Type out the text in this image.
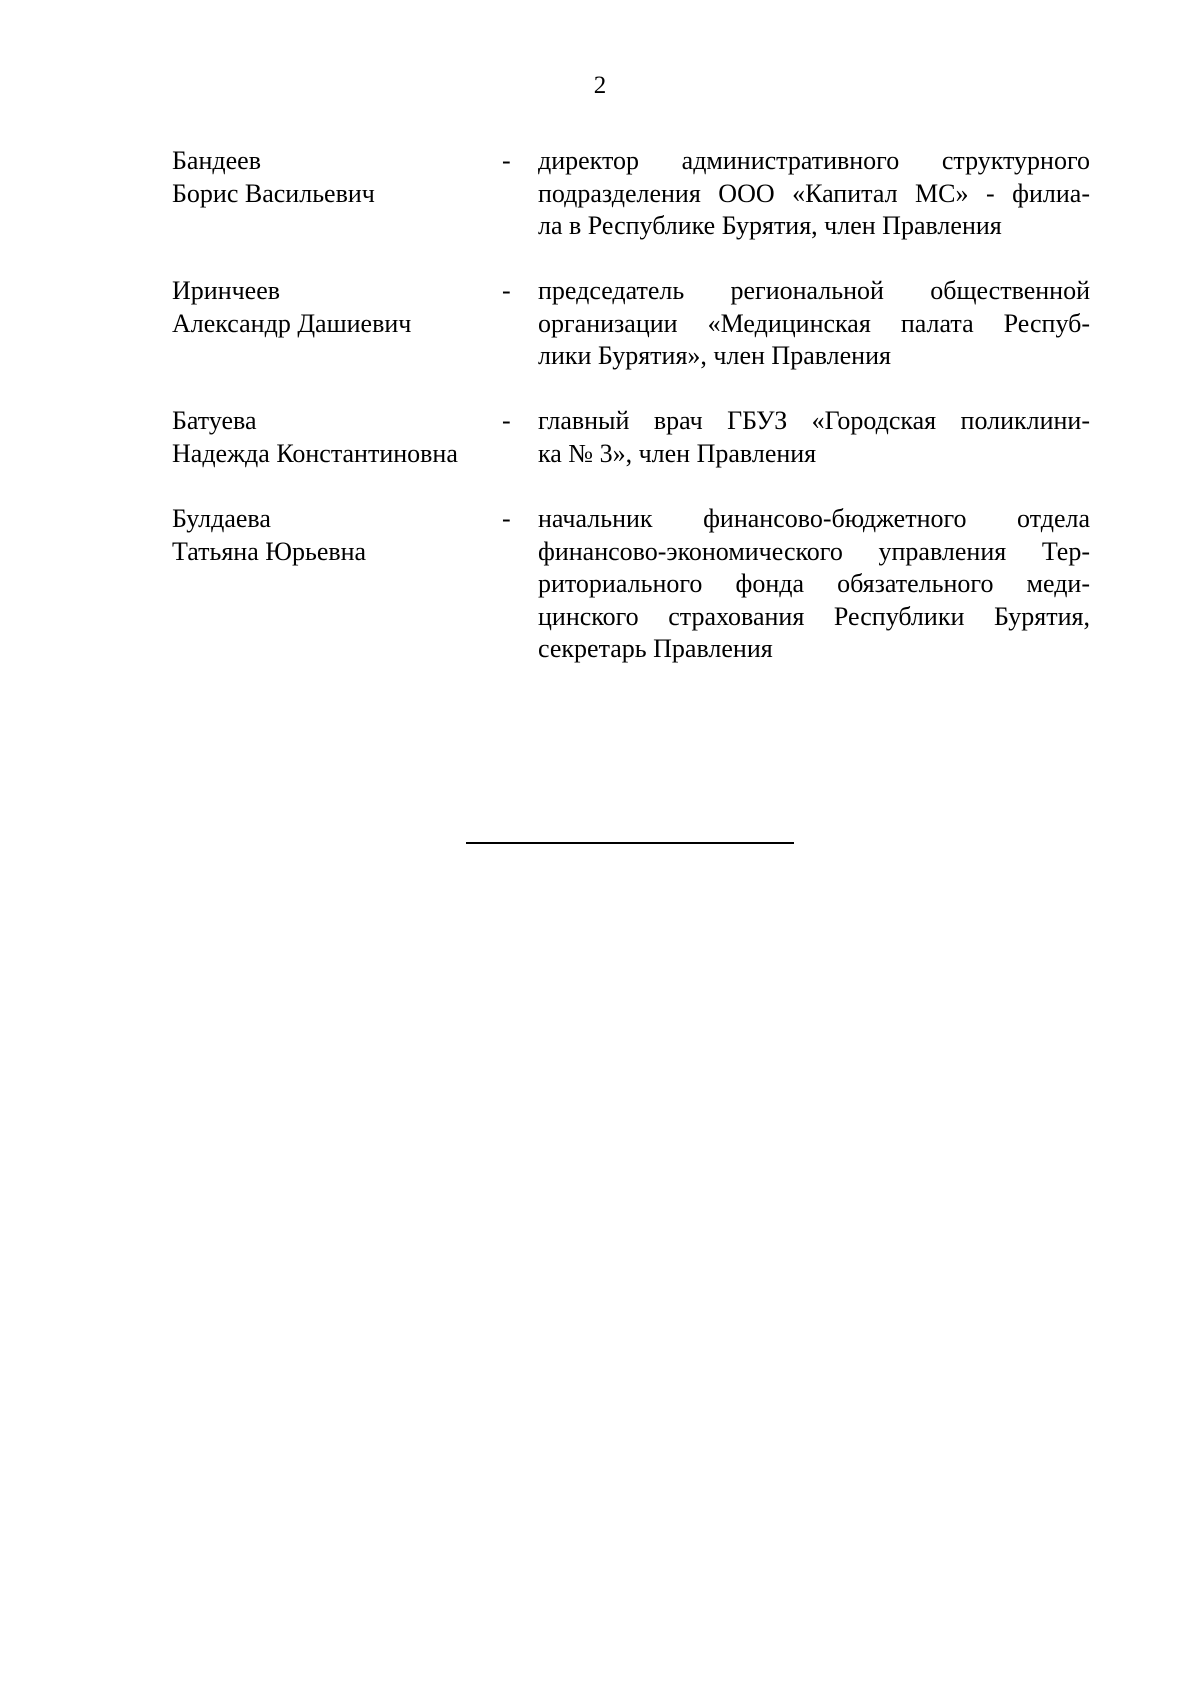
2
Бандеев
Борис Васильевич
- директор административного структурного
подразделения ООО «Капитал МС» - филиа-
ла в Республике Бурятия, член Правления
Иринчеев
Александр Дашиевич
- председатель региональной общественной
организации «Медицинская палата Респуб-
лики Бурятия», член Правления
Батуева
Надежда Константиновна
- главный врач ГБУЗ «Городская поликлини-
ка № 3», член Правления
Булдаева
Татьяна Юрьевна
- начальник финансово-бюджетного отдела
финансово-экономического управления Тер-
риториального фонда обязательного меди-
цинского страхования Республики Бурятия,
секретарь Правления
